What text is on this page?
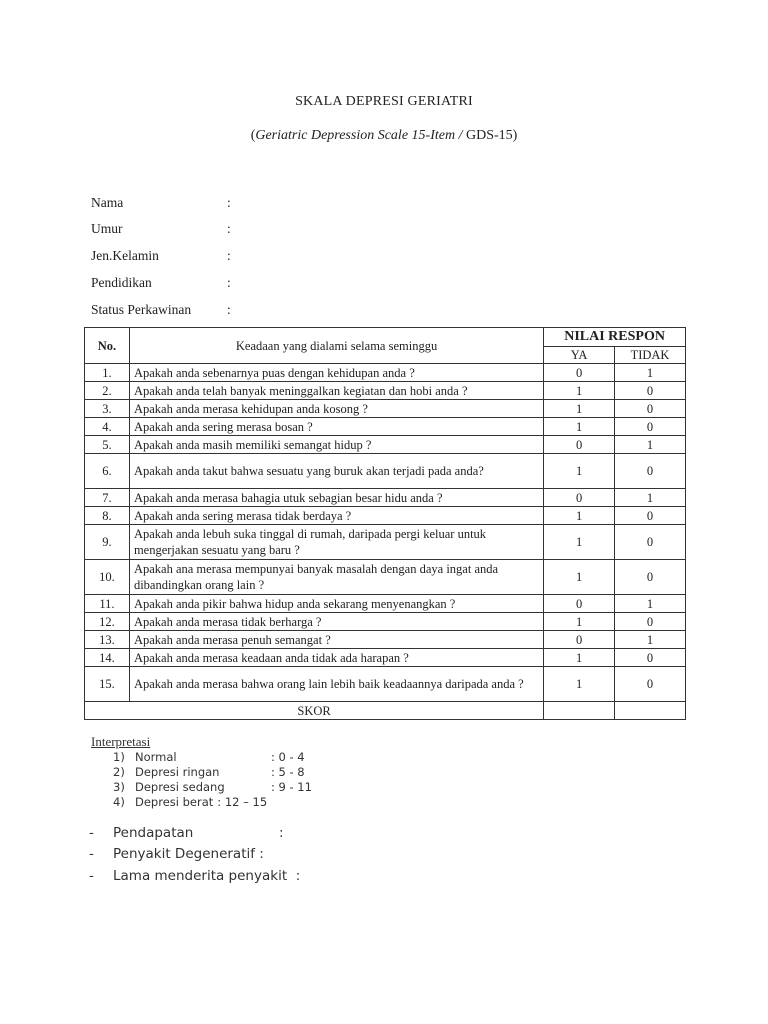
SKALA DEPRESI GERIATRI
(Geriatric Depression Scale 15-Item / GDS-15)
Nama	:
Umur	:
Jen.Kelamin	:
Pendidikan	:
Status Perkawinan	:
No.	Keadaan yang dialami selama seminggu	NILAI RESPON	
		YA	TIDAK
1.	Apakah anda sebenarnya puas dengan kehidupan anda ?	0	1
2.	Apakah anda telah banyak meninggalkan kegiatan dan hobi anda ?	1	0
3.	Apakah anda merasa kehidupan anda kosong ?	1	0
4.	Apakah anda sering merasa bosan ?	1	0
5.	Apakah anda masih memiliki semangat hidup ?	0	1
6.	Apakah anda takut bahwa sesuatu yang buruk akan terjadi pada anda?	1	0
7.	Apakah anda merasa bahagia utuk sebagian besar hidu anda ?	0	1
8.	Apakah anda sering merasa tidak berdaya ?	1	0
9.	Apakah anda lebuh suka tinggal di rumah, daripada pergi keluar untuk mengerjakan sesuatu yang baru ?	1	0
10.	Apakah ana merasa mempunyai banyak masalah dengan daya ingat anda dibandingkan orang lain ?	1	0
11.	Apakah anda pikir bahwa hidup anda sekarang menyenangkan ?	0	1
12.	Apakah anda merasa tidak berharga ?	1	0
13.	Apakah anda merasa penuh semangat ?	0	1
14.	Apakah anda merasa keadaan anda tidak ada harapan ?	1	0
15.	Apakah anda merasa bahwa orang lain lebih baik keadaannya daripada anda ?	1	0
SKOR			
Interpretasi
1) Normal	: 0 - 4
2) Depresi ringan	: 5 - 8
3) Depresi sedang	: 9 - 11
4) Depresi berat : 12 – 15
- Pendapatan	:
- Penyakit Degeneratif :
- Lama menderita penyakit :
